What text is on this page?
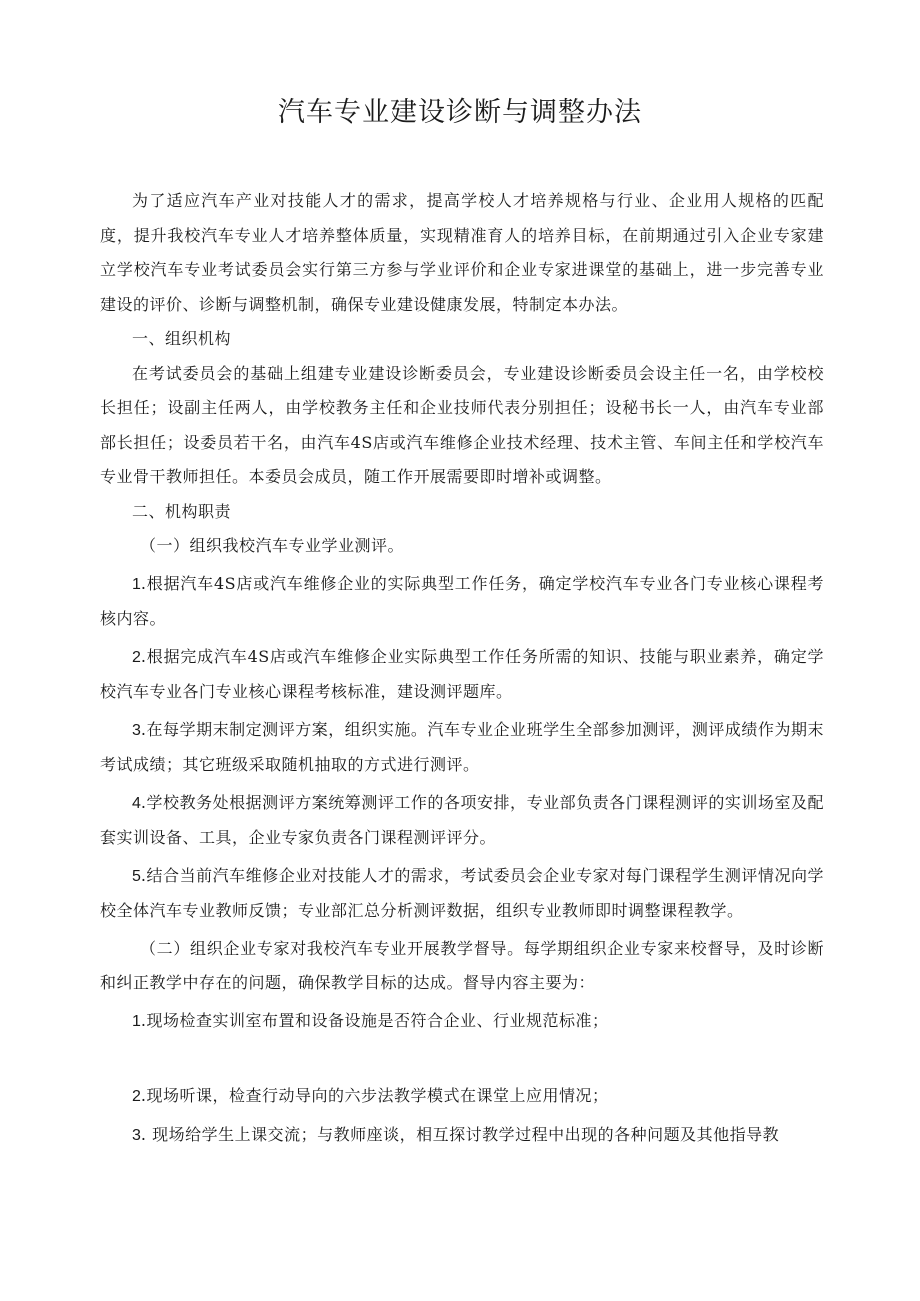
汽车专业建设诊断与调整办法

为了适应汽车产业对技能人才的需求，提高学校人才培养规格与行业、企业用人规格的匹配度，提升我校汽车专业人才培养整体质量，实现精准育人的培养目标，在前期通过引入企业专家建立学校汽车专业考试委员会实行第三方参与学业评价和企业专家进课堂的基础上，进一步完善专业建设的评价、诊断与调整机制，确保专业建设健康发展，特制定本办法。

一、组织机构

在考试委员会的基础上组建专业建设诊断委员会，专业建设诊断委员会设主任一名，由学校校长担任；设副主任两人，由学校教务主任和企业技师代表分别担任；设秘书长一人，由汽车专业部部长担任；设委员若干名，由汽车4S店或汽车维修企业技术经理、技术主管、车间主任和学校汽车专业骨干教师担任。本委员会成员，随工作开展需要即时增补或调整。

二、机构职责

（一）组织我校汽车专业学业测评。

1.根据汽车4S店或汽车维修企业的实际典型工作任务，确定学校汽车专业各门专业核心课程考核内容。

2.根据完成汽车4S店或汽车维修企业实际典型工作任务所需的知识、技能与职业素养，确定学校汽车专业各门专业核心课程考核标准，建设测评题库。

3.在每学期末制定测评方案，组织实施。汽车专业企业班学生全部参加测评，测评成绩作为期末考试成绩；其它班级采取随机抽取的方式进行测评。

4.学校教务处根据测评方案统筹测评工作的各项安排，专业部负责各门课程测评的实训场室及配套实训设备、工具，企业专家负责各门课程测评评分。

5.结合当前汽车维修企业对技能人才的需求，考试委员会企业专家对每门课程学生测评情况向学校全体汽车专业教师反馈；专业部汇总分析测评数据，组织专业教师即时调整课程教学。

（二）组织企业专家对我校汽车专业开展教学督导。每学期组织企业专家来校督导，及时诊断和纠正教学中存在的问题，确保教学目标的达成。督导内容主要为：

1.现场检查实训室布置和设备设施是否符合企业、行业规范标准；

2.现场听课，检查行动导向的六步法教学模式在课堂上应用情况；

3. 现场给学生上课交流；与教师座谈，相互探讨教学过程中出现的各种问题及其他指导教
